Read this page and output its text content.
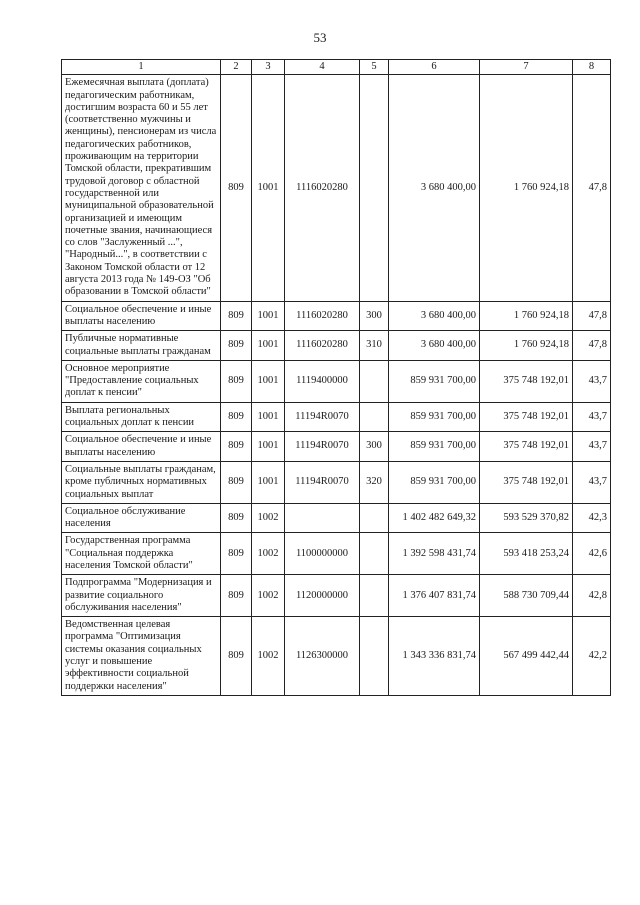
53
1	2	3	4	5	6	7	8
Ежемесячная выплата (доплата) педагогическим работникам, достигшим возраста 60 и 55 лет (соответственно мужчины и женщины), пенсионерам из числа педагогических работников, проживающим на территории Томской области, прекратившим трудовой договор с областной государственной или муниципальной образовательной организацией и имеющим почетные звания, начинающиеся со слов "Заслуженный ...", "Народный...", в соответствии с Законом Томской области от 12 августа 2013 года № 149-ОЗ "Об образовании в Томской области"	809	1001	1116020280		3 680 400,00	1 760 924,18	47,8
Социальное обеспечение и иные выплаты населению	809	1001	1116020280	300	3 680 400,00	1 760 924,18	47,8
Публичные нормативные социальные выплаты гражданам	809	1001	1116020280	310	3 680 400,00	1 760 924,18	47,8
Основное мероприятие "Предоставление социальных доплат к пенсии"	809	1001	1119400000		859 931 700,00	375 748 192,01	43,7
Выплата региональных социальных доплат к пенсии	809	1001	11194R0070		859 931 700,00	375 748 192,01	43,7
Социальное обеспечение и иные выплаты населению	809	1001	11194R0070	300	859 931 700,00	375 748 192,01	43,7
Социальные выплаты гражданам, кроме публичных нормативных социальных выплат	809	1001	11194R0070	320	859 931 700,00	375 748 192,01	43,7
Социальное обслуживание населения	809	1002			1 402 482 649,32	593 529 370,82	42,3
Государственная программа "Социальная поддержка населения Томской области"	809	1002	1100000000		1 392 598 431,74	593 418 253,24	42,6
Подпрограмма "Модернизация и развитие социального обслуживания населения"	809	1002	1120000000		1 376 407 831,74	588 730 709,44	42,8
Ведомственная целевая программа "Оптимизация системы оказания социальных услуг и повышение эффективности социальной поддержки населения"	809	1002	1126300000		1 343 336 831,74	567 499 442,44	42,2
